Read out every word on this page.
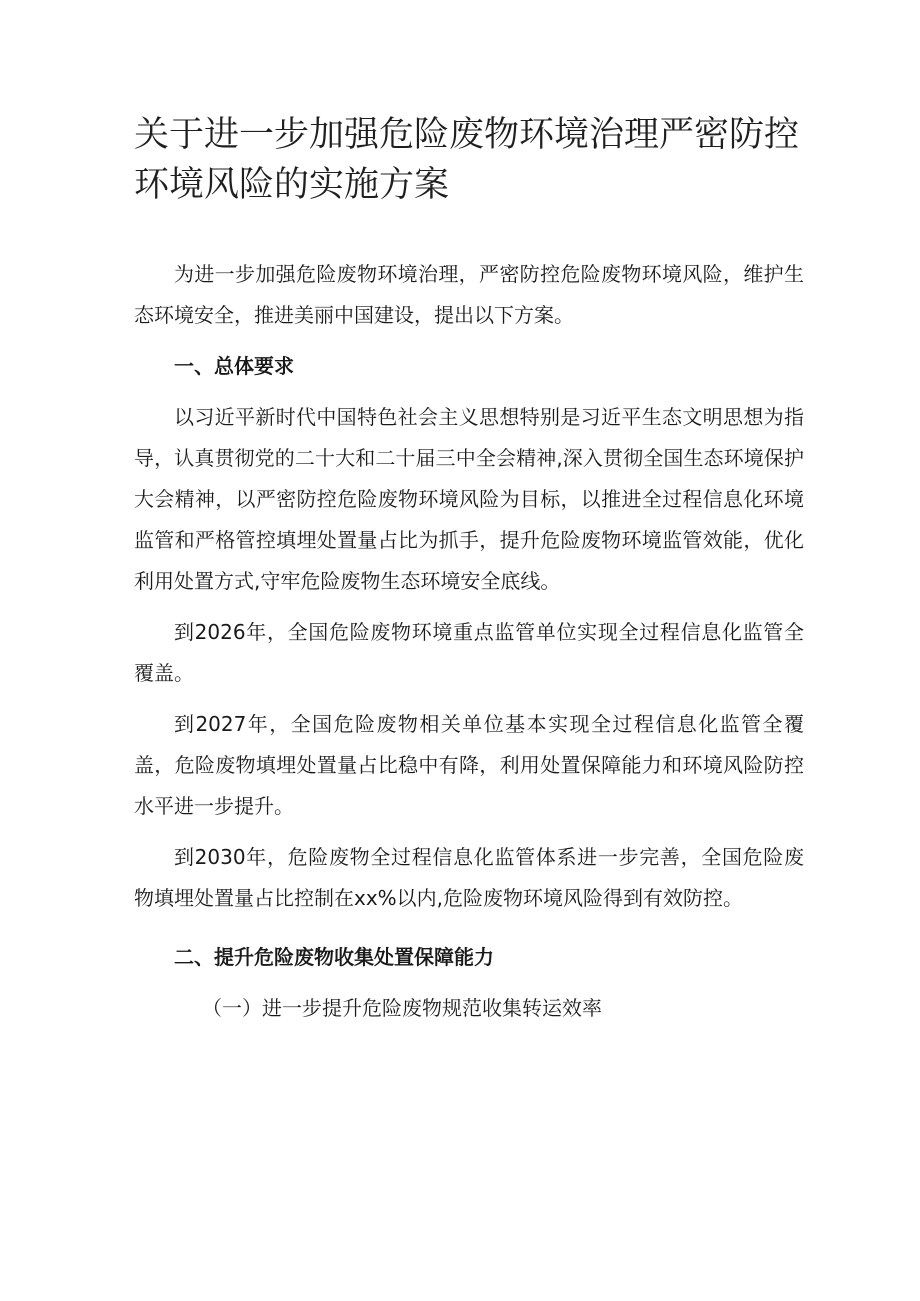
关于进一步加强危险废物环境治理严密防控环境风险的实施方案

为进一步加强危险废物环境治理，严密防控危险废物环境风险，维护生态环境安全，推进美丽中国建设，提出以下方案。

一、总体要求

以习近平新时代中国特色社会主义思想特别是习近平生态文明思想为指导，认真贯彻党的二十大和二十届三中全会精神,深入贯彻全国生态环境保护大会精神，以严密防控危险废物环境风险为目标，以推进全过程信息化环境监管和严格管控填埋处置量占比为抓手，提升危险废物环境监管效能，优化利用处置方式,守牢危险废物生态环境安全底线。

到2026年，全国危险废物环境重点监管单位实现全过程信息化监管全覆盖。

到2027年，全国危险废物相关单位基本实现全过程信息化监管全覆盖，危险废物填埋处置量占比稳中有降，利用处置保障能力和环境风险防控水平进一步提升。

到2030年，危险废物全过程信息化监管体系进一步完善，全国危险废物填埋处置量占比控制在xx%以内,危险废物环境风险得到有效防控。

二、提升危险废物收集处置保障能力
（一）进一步提升危险废物规范收集转运效率
